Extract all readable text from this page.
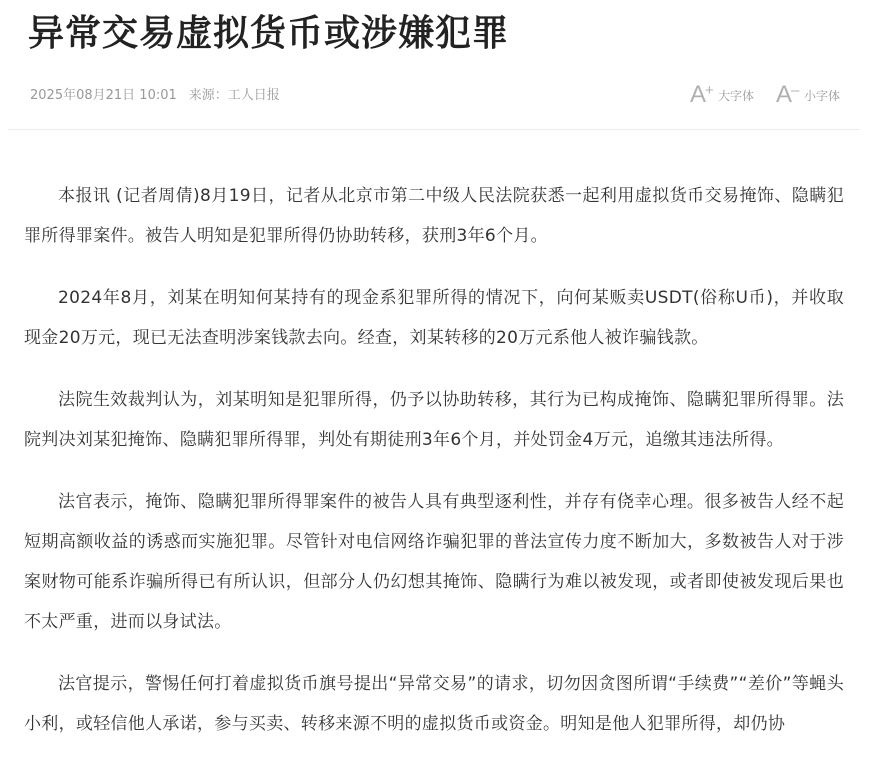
异常交易虚拟货币或涉嫌犯罪
2025年08月21日 10:01 来源：工人日报	A
+ 大字体 A
– 小字体

本报讯 (记者周倩)8月19日，记者从北京市第二中级人民法院获悉一起利用虚拟货币交易掩饰、隐瞒犯罪所得罪案件。被告人明知是犯罪所得仍协助转移，获刑3年6个月。

2024年8月，刘某在明知何某持有的现金系犯罪所得的情况下，向何某贩卖USDT(俗称U币)，并收取现金20万元，现已无法查明涉案钱款去向。经查，刘某转移的20万元系他人被诈骗钱款。

法院生效裁判认为，刘某明知是犯罪所得，仍予以协助转移，其行为已构成掩饰、隐瞒犯罪所得罪。法院判决刘某犯掩饰、隐瞒犯罪所得罪，判处有期徒刑3年6个月，并处罚金4万元，追缴其违法所得。

法官表示，掩饰、隐瞒犯罪所得罪案件的被告人具有典型逐利性，并存有侥幸心理。很多被告人经不起短期高额收益的诱惑而实施犯罪。尽管针对电信网络诈骗犯罪的普法宣传力度不断加大，多数被告人对于涉案财物可能系诈骗所得已有所认识，但部分人仍幻想其掩饰、隐瞒行为难以被发现，或者即使被发现后果也不太严重，进而以身试法。

法官提示，警惕任何打着虚拟货币旗号提出“异常交易”的请求，切勿因贪图所谓“手续费”“差价”等蝇头小利，或轻信他人承诺，参与买卖、转移来源不明的虚拟货币或资金。明知是他人犯罪所得，却仍协
